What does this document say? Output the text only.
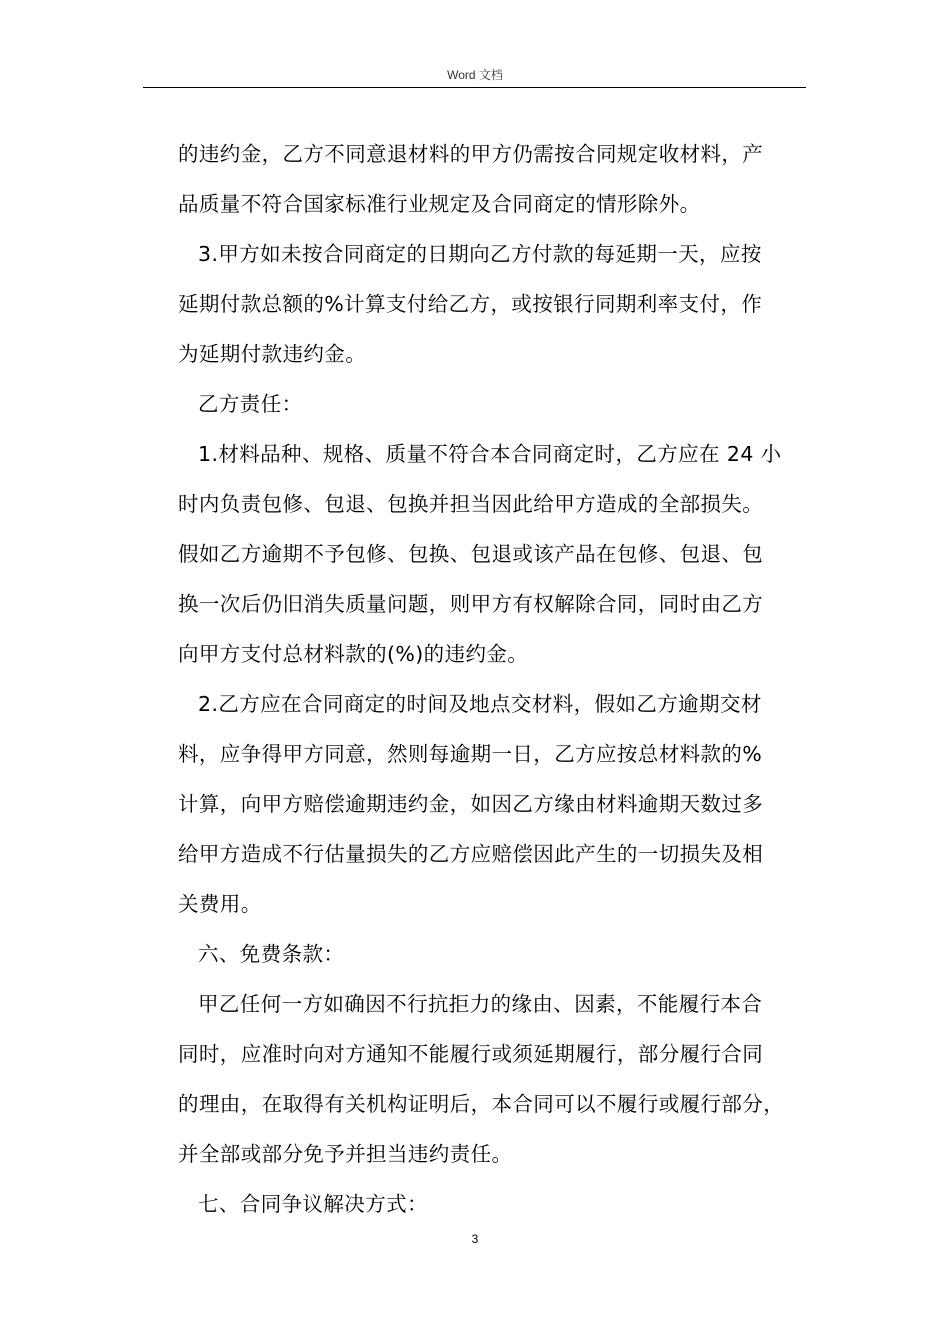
Word 文档
的违约金，乙方不同意退材料的甲方仍需按合同规定收材料，产
品质量不符合国家标准行业规定及合同商定的情形除外。
3.甲方如未按合同商定的日期向乙方付款的每延期一天，应按
延期付款总额的%计算支付给乙方，或按银行同期利率支付，作
为延期付款违约金。
乙方责任：
1.材料品种、规格、质量不符合本合同商定时，乙方应在 24 小
时内负责包修、包退、包换并担当因此给甲方造成的全部损失。
假如乙方逾期不予包修、包换、包退或该产品在包修、包退、包
换一次后仍旧消失质量问题，则甲方有权解除合同，同时由乙方
向甲方支付总材料款的(%)的违约金。
2.乙方应在合同商定的时间及地点交材料，假如乙方逾期交材
料，应争得甲方同意，然则每逾期一日，乙方应按总材料款的%
计算，向甲方赔偿逾期违约金，如因乙方缘由材料逾期天数过多
给甲方造成不行估量损失的乙方应赔偿因此产生的一切损失及相
关费用。
六、免费条款：
甲乙任何一方如确因不行抗拒力的缘由、因素，不能履行本合
同时，应准时向对方通知不能履行或须延期履行，部分履行合同
的理由，在取得有关机构证明后，本合同可以不履行或履行部分，
并全部或部分免予并担当违约责任。
七、合同争议解决方式：
3
